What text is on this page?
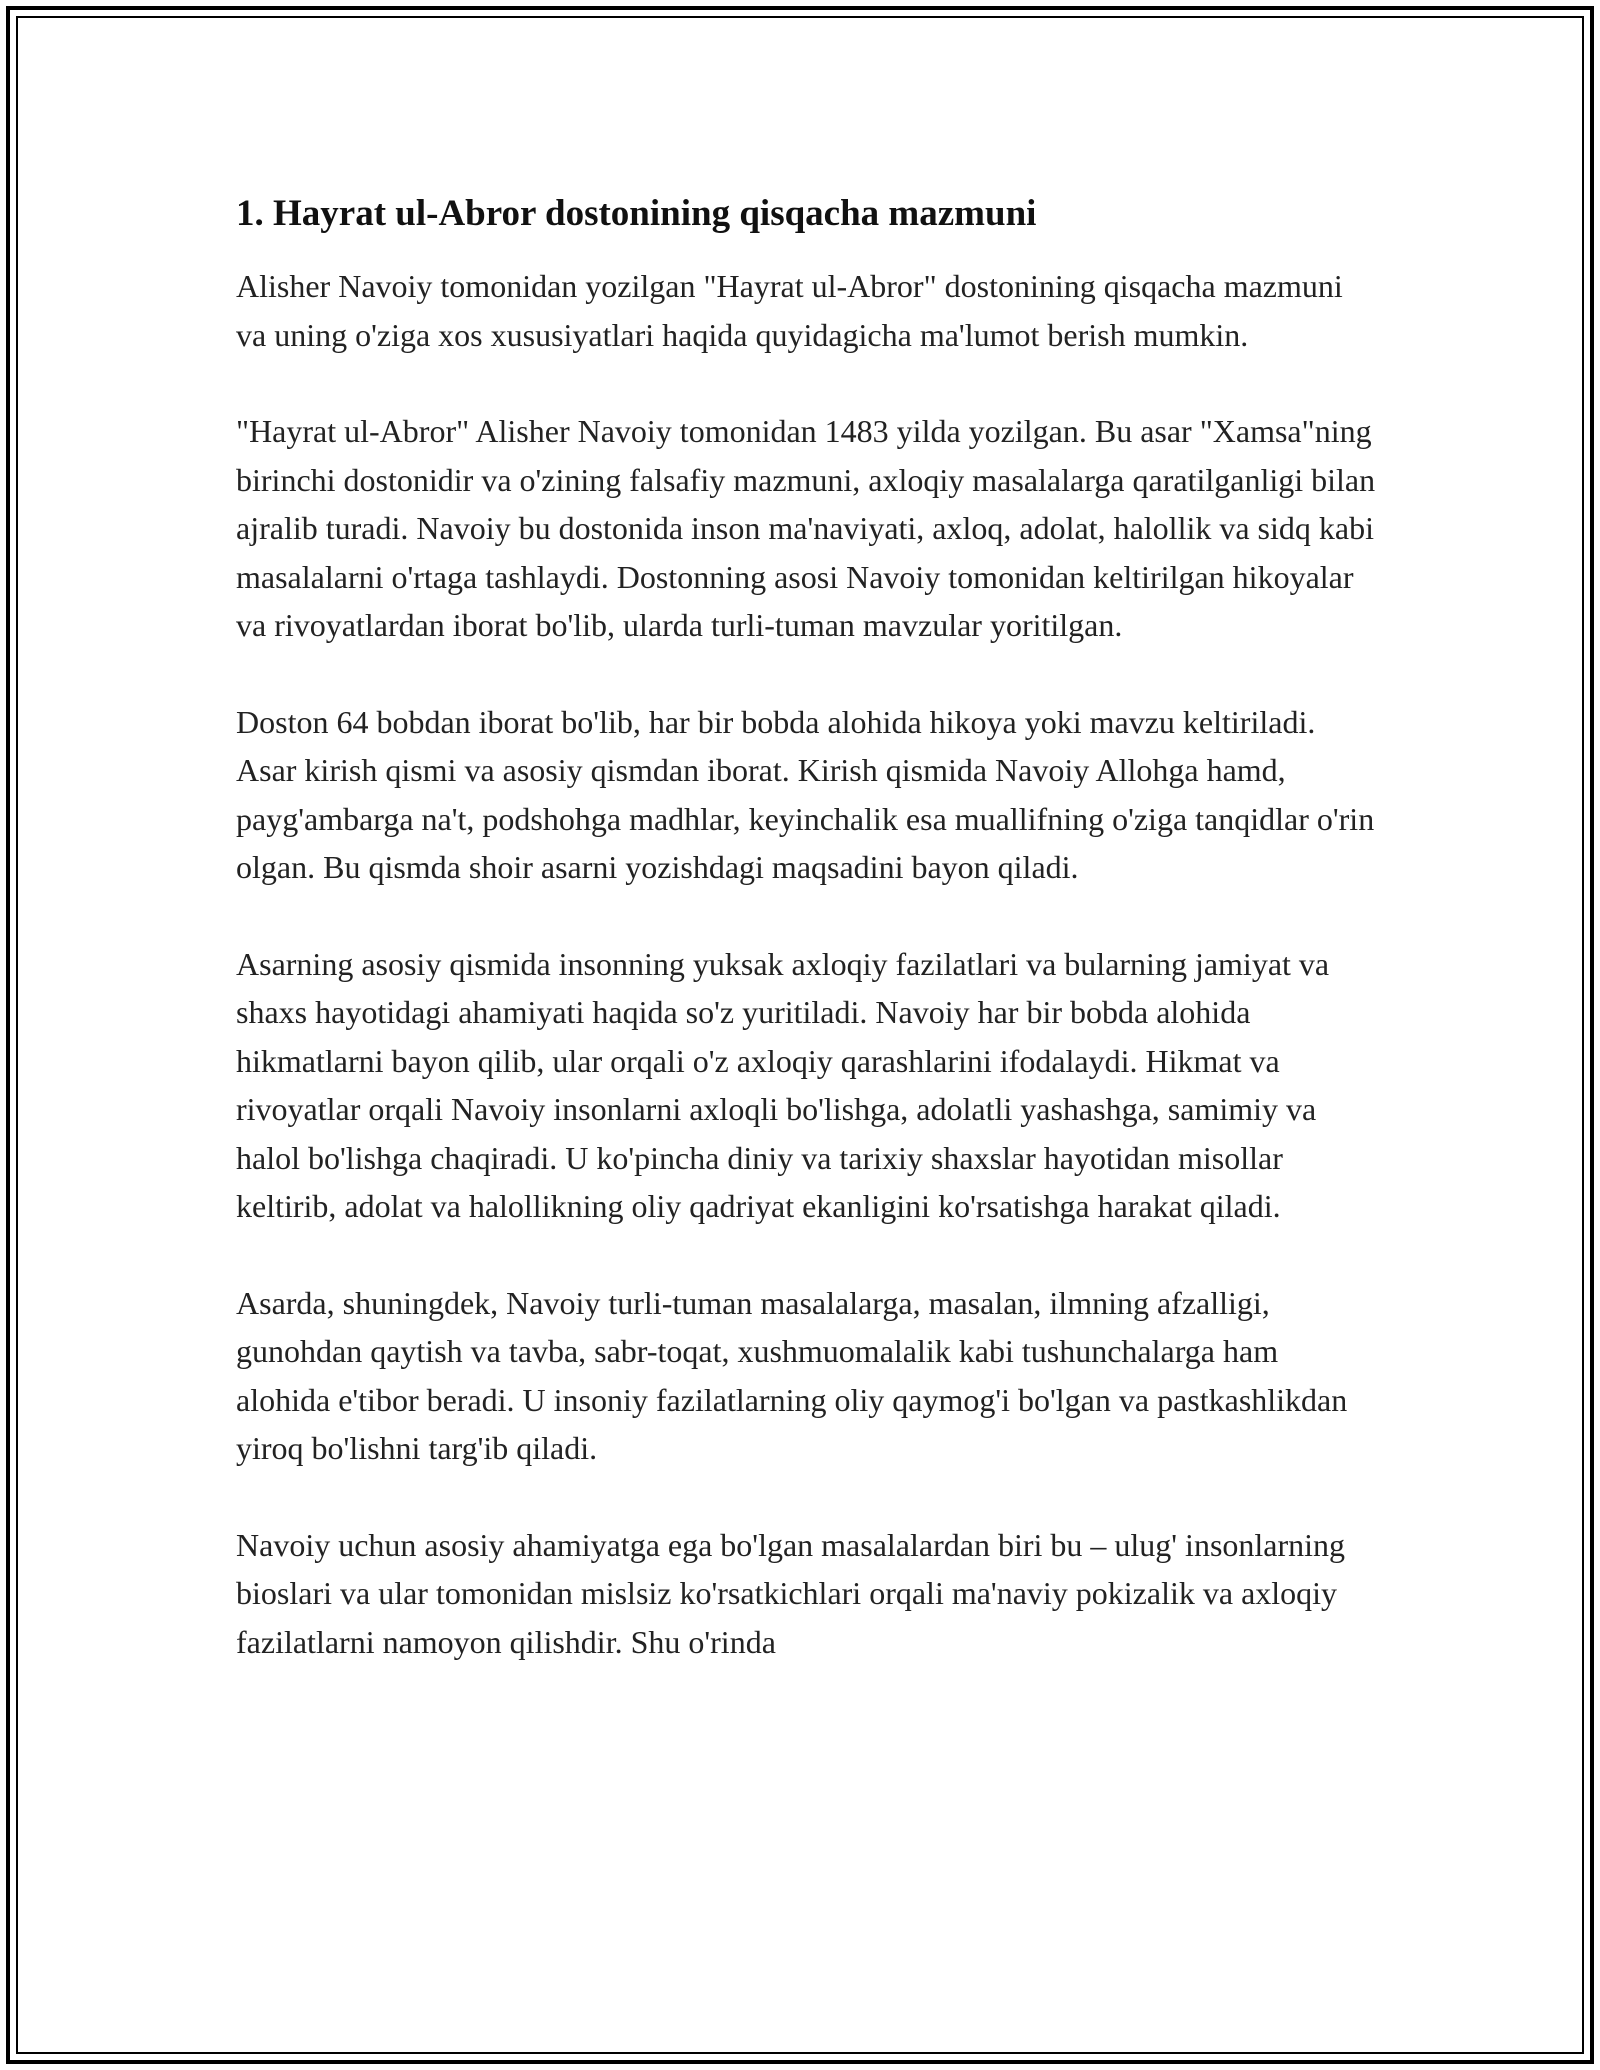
1. Hayrat ul-Abror dostonining qisqacha mazmuni

Alisher Navoiy tomonidan yozilgan "Hayrat ul-Abror" dostonining qisqacha mazmuni va uning o'ziga xos xususiyatlari haqida quyidagicha ma'lumot berish mumkin.

"Hayrat ul-Abror" Alisher Navoiy tomonidan 1483 yilda yozilgan. Bu asar "Xamsa"ning birinchi dostonidir va o'zining falsafiy mazmuni, axloqiy masalalarga qaratilganligi bilan ajralib turadi. Navoiy bu dostonida inson ma'naviyati, axloq, adolat, halollik va sidq kabi masalalarni o'rtaga tashlaydi. Dostonning asosi Navoiy tomonidan keltirilgan hikoyalar va rivoyatlardan iborat bo'lib, ularda turli-tuman mavzular yoritilgan.

Doston 64 bobdan iborat bo'lib, har bir bobda alohida hikoya yoki mavzu keltiriladi. Asar kirish qismi va asosiy qismdan iborat. Kirish qismida Navoiy Allohga hamd, payg'ambarga na't, podshohga madhlar, keyinchalik esa muallifning o'ziga tanqidlar o'rin olgan. Bu qismda shoir asarni yozishdagi maqsadini bayon qiladi.

Asarning asosiy qismida insonning yuksak axloqiy fazilatlari va bularning jamiyat va shaxs hayotidagi ahamiyati haqida so'z yuritiladi. Navoiy har bir bobda alohida hikmatlarni bayon qilib, ular orqali o'z axloqiy qarashlarini ifodalaydi. Hikmat va rivoyatlar orqali Navoiy insonlarni axloqli bo'lishga, adolatli yashashga, samimiy va halol bo'lishga chaqiradi. U ko'pincha diniy va tarixiy shaxslar hayotidan misollar keltirib, adolat va halollikning oliy qadriyat ekanligini ko'rsatishga harakat qiladi.

Asarda, shuningdek, Navoiy turli-tuman masalalarga, masalan, ilmning afzalligi, gunohdan qaytish va tavba, sabr-toqat, xushmuomalalik kabi tushunchalarga ham alohida e'tibor beradi. U insoniy fazilatlarning oliy qaymog'i bo'lgan va pastkashlikdan yiroq bo'lishni targ'ib qiladi.

Navoiy uchun asosiy ahamiyatga ega bo'lgan masalalardan biri bu – ulug' insonlarning bioslari va ular tomonidan mislsiz ko'rsatkichlari orqali ma'naviy pokizalik va axloqiy fazilatlarni namoyon qilishdir. Shu o'rinda
